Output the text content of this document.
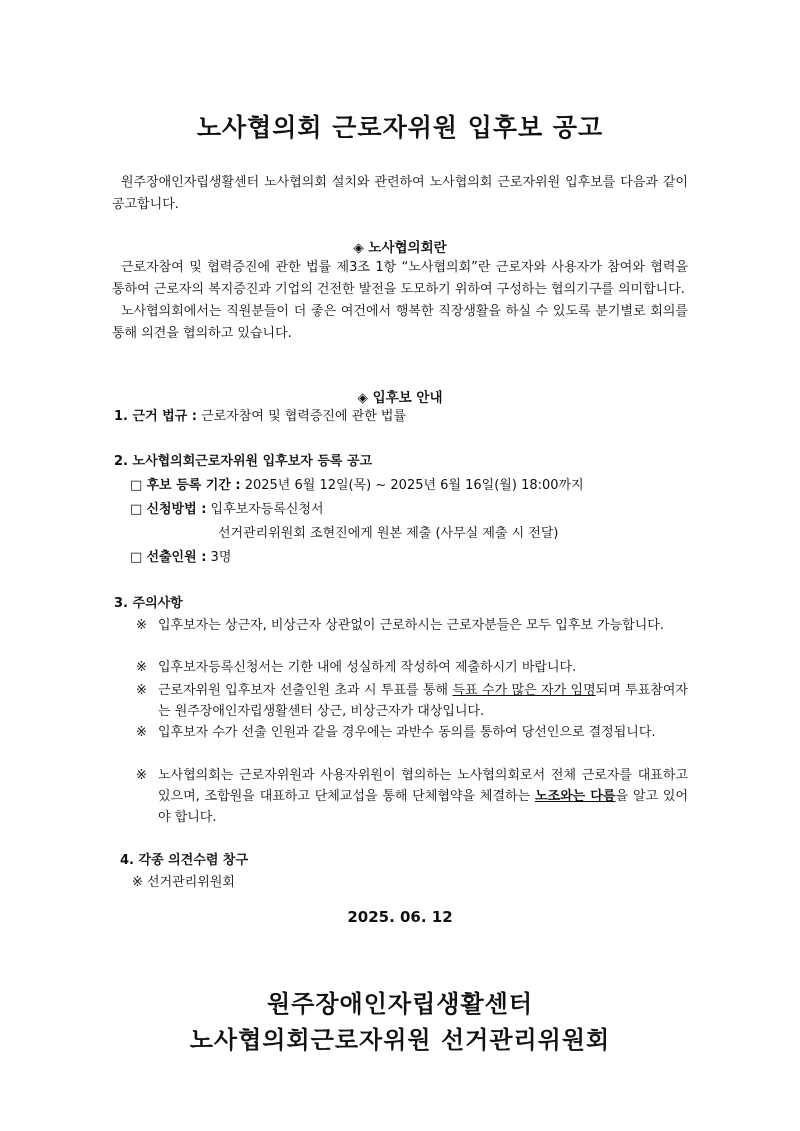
노사협의회 근로자위원 입후보 공고

원주장애인자립생활센터 노사협의회 설치와 관련하여 노사협의회 근로자위원 입후보를 다음과 같이 공고합니다.

◈ 노사협의회란

근로자참여 및 협력증진에 관한 법률 제3조 1항 “노사협의회”란 근로자와 사용자가 참여와 협력을 통하여 근로자의 복지증진과 기업의 건전한 발전을 도모하기 위하여 구성하는 협의기구를 의미합니다.

노사협의회에서는 직원분들이 더 좋은 여건에서 행복한 직장생활을 하실 수 있도록 분기별로 회의를 통해 의견을 협의하고 있습니다.

◈ 입후보 안내
1. 근거 법규 : 근로자참여 및 협력증진에 관한 법률
2. 노사협의회근로자위원 입후보자 등록 공고
□ 후보 등록 기간 : 2025년 6월 12일(목) ~ 2025년 6월 16일(월) 18:00까지
□ 신청방법 : 입후보자등록신청서
선거관리위원회 조현진에게 원본 제출 (사무실 제출 시 전달)
□ 선출인원 : 3명
3. 주의사항
※ 입후보자는 상근자, 비상근자 상관없이 근로하시는 근로자분들은 모두 입후보 가능합니다.
※ 입후보자등록신청서는 기한 내에 성실하게 작성하여 제출하시기 바랍니다.
※ 근로자위원 입후보자 선출인원 초과 시 투표를 통해 득표 수가 많은 자가 임명되며 투표참여자는 원주장애인자립생활센터 상근, 비상근자가 대상입니다.
※ 입후보자 수가 선출 인원과 같을 경우에는 과반수 동의를 통하여 당선인으로 결정됩니다.
※ 노사협의회는 근로자위원과 사용자위원이 협의하는 노사협의회로서 전체 근로자를 대표하고 있으며, 조합원을 대표하고 단체교섭을 통해 단체협약을 체결하는 노조와는 다름을 알고 있어야 합니다.
4. 각종 의견수렴 창구
※ 선거관리위원회
2025. 06. 12
원주장애인자립생활센터
노사협의회근로자위원 선거관리위원회
